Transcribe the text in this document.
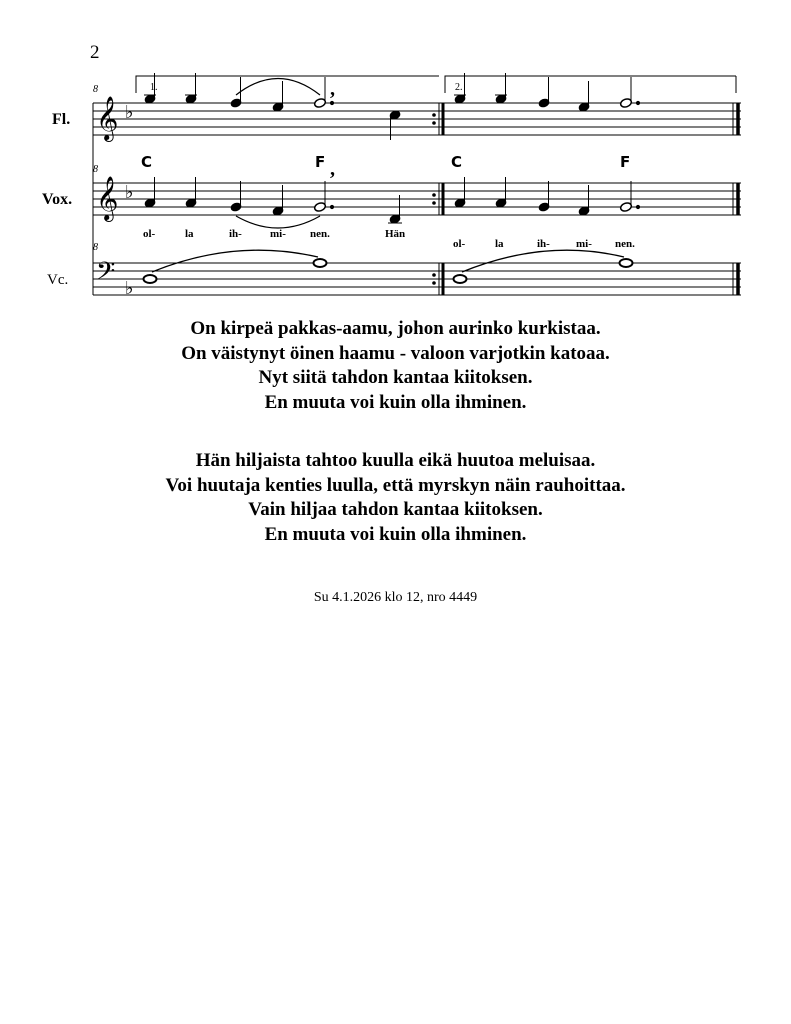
2
Fl.
Vox.
Vc.
8
8
8
𝄞
𝄞
𝄢
♭
♭
♭
1.	2.
,
C	F	C	F
,
ol-	la	ih-	mi- nen.	Hän
ol-	la	ih- mi- nen.
On kirpeä pakkas-aamu, johon aurinko kurkistaa.
On väistynyt öinen haamu - valoon varjotkin katoaa.
Nyt siitä tahdon kantaa kiitoksen.
En muuta voi kuin olla ihminen.
Hän hiljaista tahtoo kuulla eikä huutoa meluisaa.
Voi huutaja kenties luulla, että myrskyn näin rauhoittaa.
Vain hiljaa tahdon kantaa kiitoksen.
En muuta voi kuin olla ihminen.
Su 4.1.2026 klo 12, nro 4449
